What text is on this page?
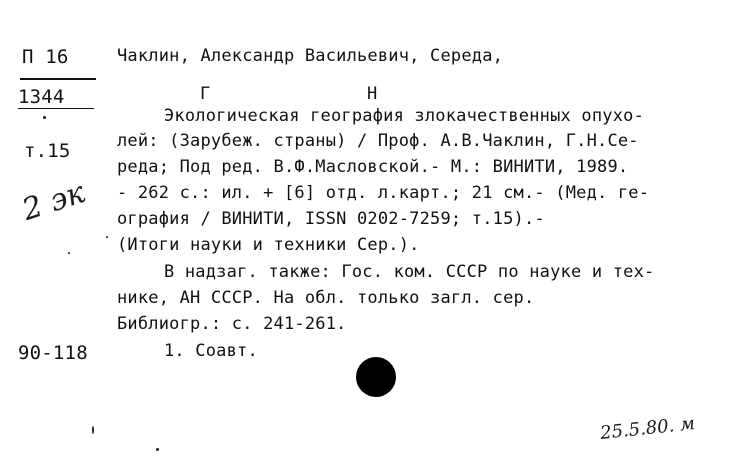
П 16
1344
т.15
2 эк
90-118
Чаклин, Александр Васильевич, Середа,
Г	Н
Экологическая география злокачественных опухо-
лей: (Зарубеж. страны) / Проф. А.В.Чаклин, Г.Н.Се-
реда; Под ред. В.Ф.Масловской.- М.: ВИНИТИ, 1989.
- 262 с.: ил. + [6] отд. л.карт.; 21 см.- (Мед. ге-
ография / ВИНИТИ, ISSN 0202-7259; т.15).-
(Итоги науки и техники Сер.).
В надзаг. также: Гос. ком. СССР по науке и тех-
нике, АН СССР. На обл. только загл. сер.
Библиогр.: с. 241-261.
1. Соавт.
25.5.80. м
